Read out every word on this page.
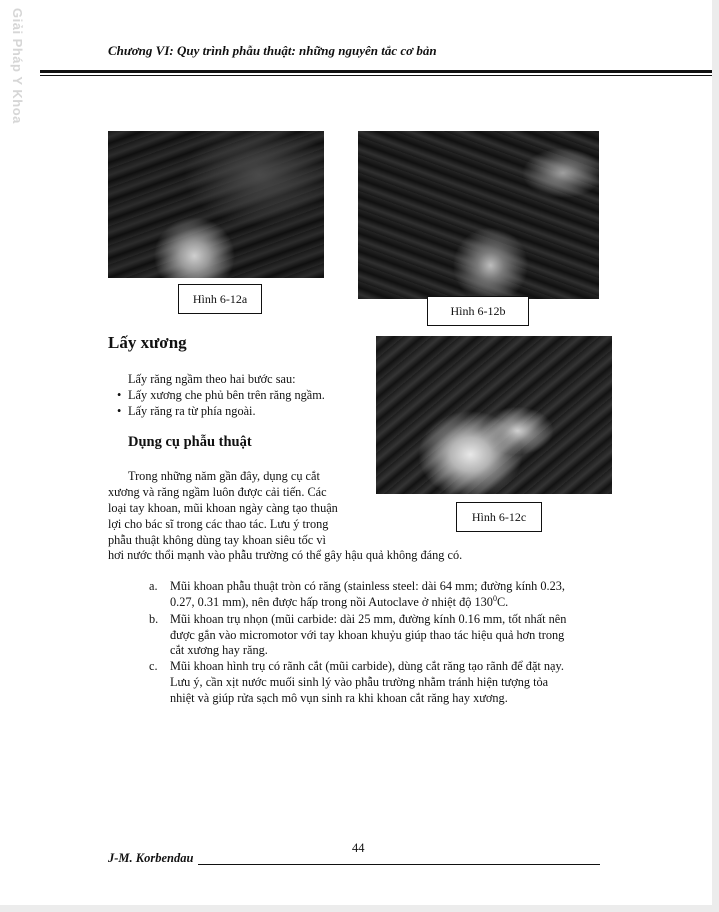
Giải Pháp Y Khoa	Chương VI: Quy trình phẫu thuật: những nguyên tắc cơ bản
Hình 6-12a
Hình 6-12b
Hình 6-12c
Lấy xương
Lấy răng ngầm theo hai bước sau:
• Lấy xương che phủ bên trên răng ngầm.
• Lấy răng ra từ phía ngoài.
Dụng cụ phẫu thuật
Trong những năm gần đây, dụng cụ cắt
xương và răng ngầm luôn được cải tiến. Các
loại tay khoan, mũi khoan ngày càng tạo thuận
lợi cho bác sĩ trong các thao tác. Lưu ý trong
phẫu thuật không dùng tay khoan siêu tốc vì
hơi nước thổi mạnh vào phẫu trường có thể gây hậu quả không đáng có.
a. Mũi khoan phẫu thuật tròn có răng (stainless steel: dài 64 mm; đường kính 0.23,
0.27, 0.31 mm), nên được hấp trong nồi Autoclave ở nhiệt độ $130^0C$.
b. Mũi khoan trụ nhọn (mũi carbide: dài 25 mm, đường kính 0.16 mm, tốt nhất nên
được gắn vào micromotor với tay khoan khuỷu giúp thao tác hiệu quả hơn trong
cắt xương hay răng.
c. Mũi khoan hình trụ có rãnh cắt (mũi carbide), dùng cắt răng tạo rãnh để đặt nạy.
Lưu ý, cần xịt nước muối sinh lý vào phẫu trường nhằm tránh hiện tượng tỏa
nhiệt và giúp rửa sạch mô vụn sinh ra khi khoan cắt răng hay xương.
44
J-M. Korbendau
